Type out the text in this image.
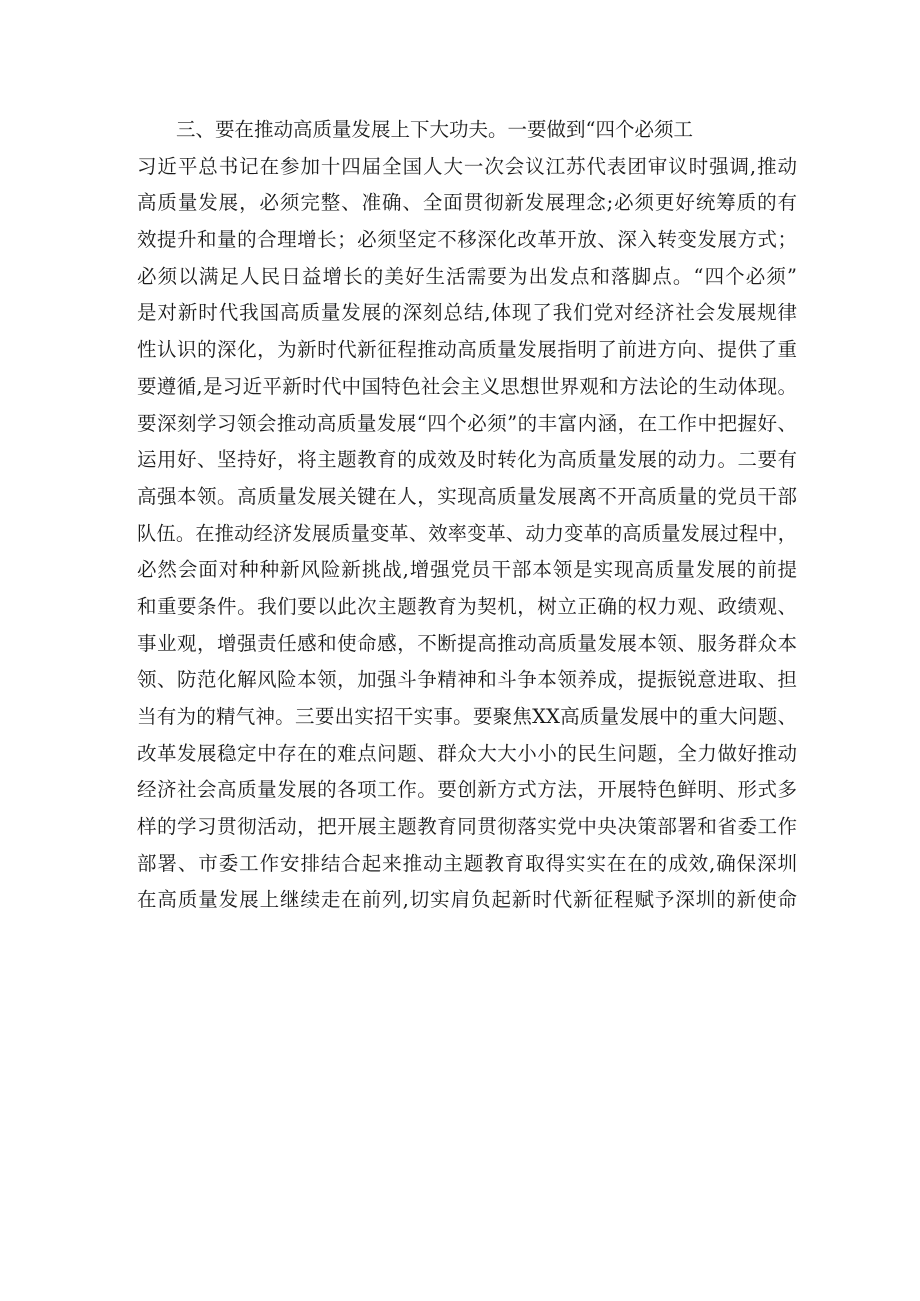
三、要在推动高质量发展上下大功夫。一要做到“四个必须工
习近平总书记在参加十四届全国人大一次会议江苏代表团审议时强调,推动
高质量发展，必须完整、准确、全面贯彻新发展理念;必须更好统筹质的有
效提升和量的合理增长；必须坚定不移深化改革开放、深入转变发展方式；
必须以满足人民日益增长的美好生活需要为出发点和落脚点。“四个必须”
是对新时代我国高质量发展的深刻总结,体现了我们党对经济社会发展规律
性认识的深化，为新时代新征程推动高质量发展指明了前进方向、提供了重
要遵循,是习近平新时代中国特色社会主义思想世界观和方法论的生动体现。
要深刻学习领会推动高质量发展“四个必须”的丰富内涵，在工作中把握好、
运用好、坚持好，将主题教育的成效及时转化为高质量发展的动力。二要有
高强本领。高质量发展关键在人，实现高质量发展离不开高质量的党员干部
队伍。在推动经济发展质量变革、效率变革、动力变革的高质量发展过程中，
必然会面对种种新风险新挑战,增强党员干部本领是实现高质量发展的前提
和重要条件。我们要以此次主题教育为契机，树立正确的权力观、政绩观、
事业观，增强责任感和使命感，不断提高推动高质量发展本领、服务群众本
领、防范化解风险本领，加强斗争精神和斗争本领养成，提振锐意进取、担
当有为的精气神。三要出实招干实事。要聚焦XX高质量发展中的重大问题、
改革发展稳定中存在的难点问题、群众大大小小的民生问题，全力做好推动
经济社会高质量发展的各项工作。要创新方式方法，开展特色鲜明、形式多
样的学习贯彻活动，把开展主题教育同贯彻落实党中央决策部署和省委工作
部署、市委工作安排结合起来推动主题教育取得实实在在的成效,确保深圳
在高质量发展上继续走在前列,切实肩负起新时代新征程赋予深圳的新使命
